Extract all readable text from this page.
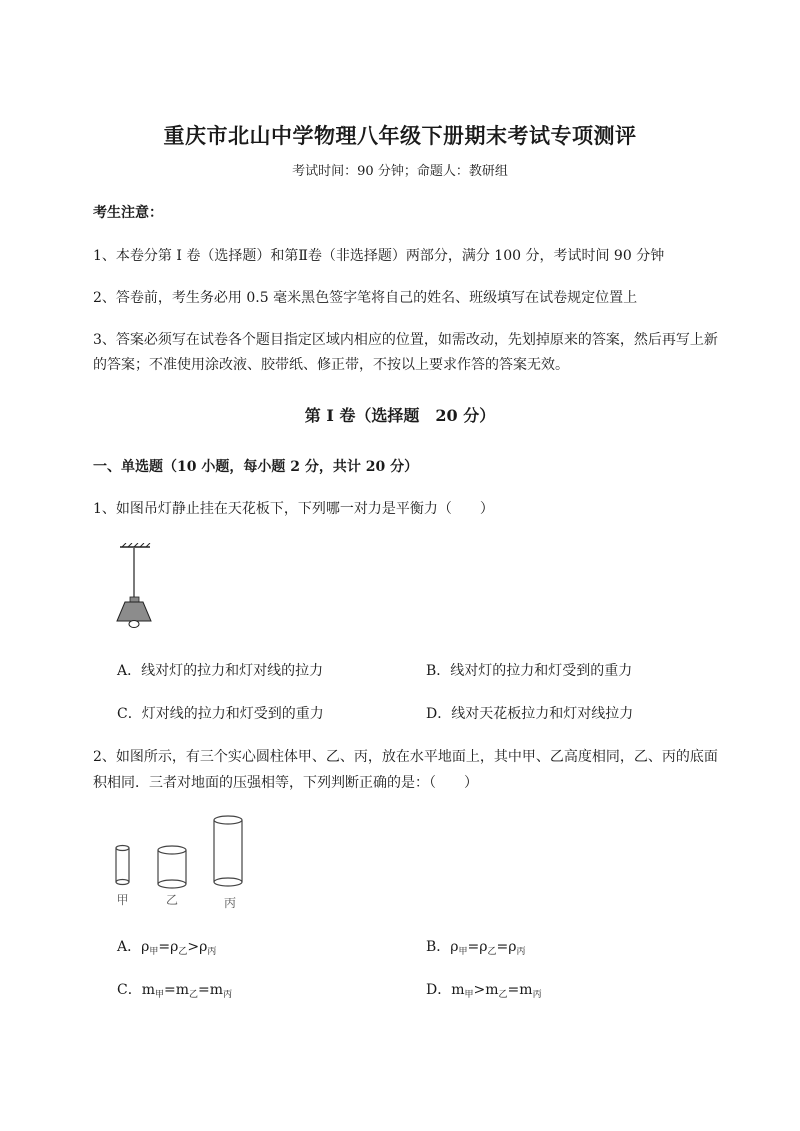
重庆市北山中学物理八年级下册期末考试专项测评
考试时间：90 分钟；命题人：教研组
考生注意：
1、本卷分第 I 卷（选择题）和第Ⅱ卷（非选择题）两部分，满分 100 分，考试时间 90 分钟
2、答卷前，考生务必用 0.5 毫米黑色签字笔将自己的姓名、班级填写在试卷规定位置上
3、答案必须写在试卷各个题目指定区域内相应的位置，如需改动，先划掉原来的答案，然后再写上新
的答案；不准使用涂改液、胶带纸、修正带，不按以上要求作答的答案无效。
第 I 卷（选择题　20 分）
一、单选题（10 小题，每小题 2 分，共计 20 分）
1、如图吊灯静止挂在天花板下，下列哪一对力是平衡力（　　）
A．线对灯的拉力和灯对线的拉力	B．线对灯的拉力和灯受到的重力
C．灯对线的拉力和灯受到的重力	D．线对天花板拉力和灯对线拉力
2、如图所示，有三个实心圆柱体甲、乙、丙，放在水平地面上，其中甲、乙高度相同，乙、丙的底面
积相同．三者对地面的压强相等，下列判断正确的是：（　　）
甲	乙	丙
A．$\rho_甲=\rho_乙>\rho_丙$	B．$\rho_甲=\rho_乙=\rho_丙$
C．$m_甲=m_乙=m_丙$	D．$m_甲>m_乙=m_丙$
